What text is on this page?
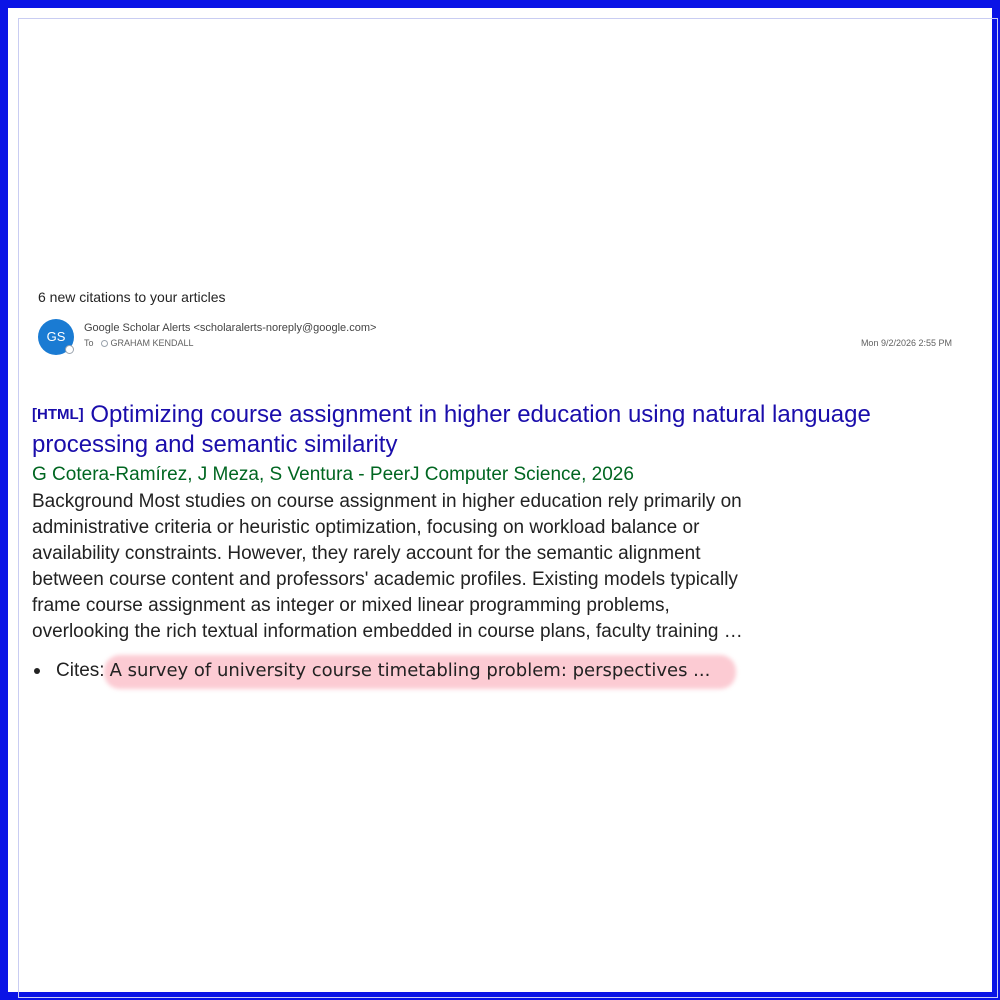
6 new citations to your articles
GS
Google Scholar Alerts <scholaralerts-noreply@google.com>
To GRAHAM KENDALL	Mon 9/2/2026 2:55 PM
[HTML] Optimizing course assignment in higher education using natural language processing and semantic similarity
G Cotera-Ramírez, J Meza, S Ventura - PeerJ Computer Science, 2026
Background Most studies on course assignment in higher education rely primarily on
administrative criteria or heuristic optimization, focusing on workload balance or
availability constraints. However, they rarely account for the semantic alignment
between course content and professors' academic profiles. Existing models typically
frame course assignment as integer or mixed linear programming problems,
overlooking the rich textual information embedded in course plans, faculty training …
Cites: A survey of university course timetabling problem: perspectives ...
